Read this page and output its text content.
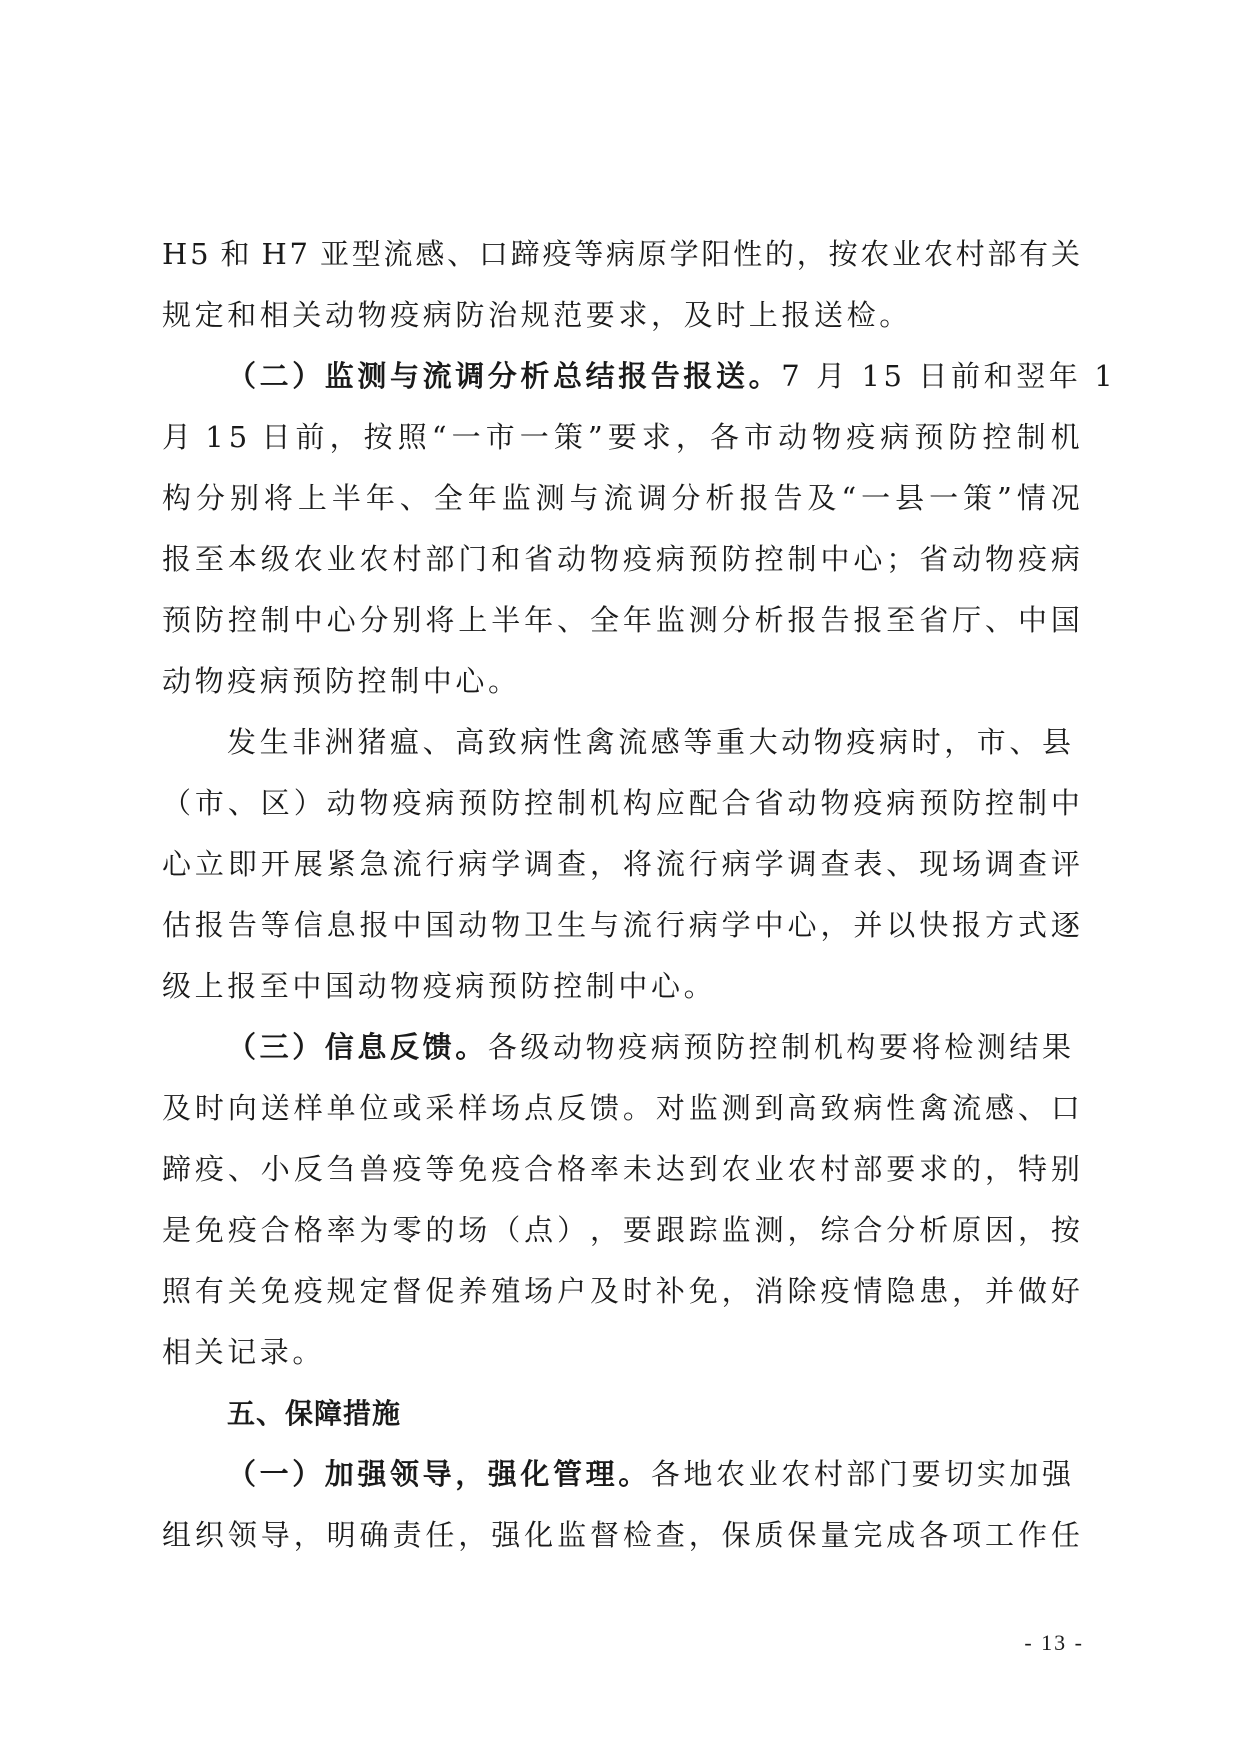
H 5 和 H 7 亚 型 流 感 、 口 蹄 疫 等 病 原 学 阳 性 的 ， 按 农 业 农 村 部 有 关
规定和相关动物疫病防治规范要求，及时上报送检。
（二）监测与流调分析总结报告报送。7 月 15 日前和翌年 1
月 1 5 日 前 ， 按 照 “ 一 市 一 策 ” 要 求 ， 各 市 动 物 疫 病 预 防 控 制 机
构 分 别 将 上 半 年 、 全 年 监 测 与 流 调 分 析 报 告 及 “ 一 县 一 策 ” 情 况
报 至 本 级 农 业 农 村 部 门 和 省 动 物 疫 病 预 防 控 制 中 心 ； 省 动 物 疫 病
预 防 控 制 中 心 分 别 将 上 半 年 、 全 年 监 测 分 析 报 告 报 至 省 厅 、 中 国
动物疫病预防控制中心。
发生非洲猪瘟、高致病性禽流感等重大动物疫病时，市、县
（ 市 、 区 ） 动 物 疫 病 预 防 控 制 机 构 应 配 合 省 动 物 疫 病 预 防 控 制 中
心 立 即 开 展 紧 急 流 行 病 学 调 查 ， 将 流 行 病 学 调 查 表 、 现 场 调 查 评
估 报 告 等 信 息 报 中 国 动 物 卫 生 与 流 行 病 学 中 心 ， 并 以 快 报 方 式 逐
级上报至中国动物疫病预防控制中心。
（三）信息反馈。各级动物疫病预防控制机构要将检测结果
及 时 向 送 样 单 位 或 采 样 场 点 反 馈 。 对 监 测 到 高 致 病 性 禽 流 感 、 口
蹄 疫 、 小 反 刍 兽 疫 等 免 疫 合 格 率 未 达 到 农 业 农 村 部 要 求 的 ， 特 别
是 免 疫 合 格 率 为 零 的 场 （ 点 ） ， 要 跟 踪 监 测 ， 综 合 分 析 原 因 ， 按
照 有 关 免 疫 规 定 督 促 养 殖 场 户 及 时 补 免 ， 消 除 疫 情 隐 患 ， 并 做 好
相关记录。
五、保障措施
（一）加强领导，强化管理。各地农业农村部门要切实加强
组 织 领 导 ， 明 确 责 任 ， 强 化 监 督 检 查 ， 保 质 保 量 完 成 各 项 工 作 任
- 13 -
